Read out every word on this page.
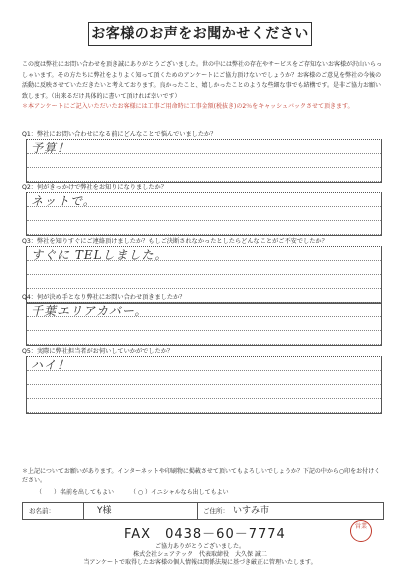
お客様のお声をお聞かせください

この度は弊社にお問い合わせを頂き誠にありがとうございました。世の中には弊社の存在やサービスをご存知ないお客様が沢山いらっしゃいます。その方たちに弊社をよりよく知って頂くためのアンケートにご協力頂けないでしょうか？お客様のご意見を弊社の今後の活動に反映させていただきたいと考えております。良かったこと、嬉しかったことのような些細な事でも結構です。是非ご協力お願い致します。（出来るだけ具体的に書いて頂ければ幸いです）

＊本アンケートにご記入いただいたお客様には工事ご用命時に工事金額(税抜き)の2％をキャッシュバックさせて頂きます。

Q1：弊社にお問い合わせになる前にどんなことで悩んでいましたか？
予算！
Q2：何がきっかけで弊社をお知りになりましたか？
ネットで。
Q3：弊社を知りすぐにご連絡頂けましたか？もしご決断されなかったとしたらどんなことがご不安でしたか？
すぐに TELしました。
Q4：何が決め手となり弊社にお問い合わせ頂きましたか？
千葉エリアカバー。
Q5：実際に弊社担当者がお伺いしていかがでしたか？
ハイ！
＊上記についてお願いがあります。インターネットや印刷物に掲載させて頂いてもよろしいでしょうか？下記の中から○印をお付けください。
（　　）名前を出してもよい	（ ○ ）イニシャルなら出してもよい
お名前：	Y様	ご住所： いすみ市
FAX　0438－60－7774
ご協力ありがとうございました。
株式会社シェアテック　代表取締役　大久保 誠二
当アンケートで取得したお客様の個人情報は関係法規に基づき厳正に管理いたします。
営業
